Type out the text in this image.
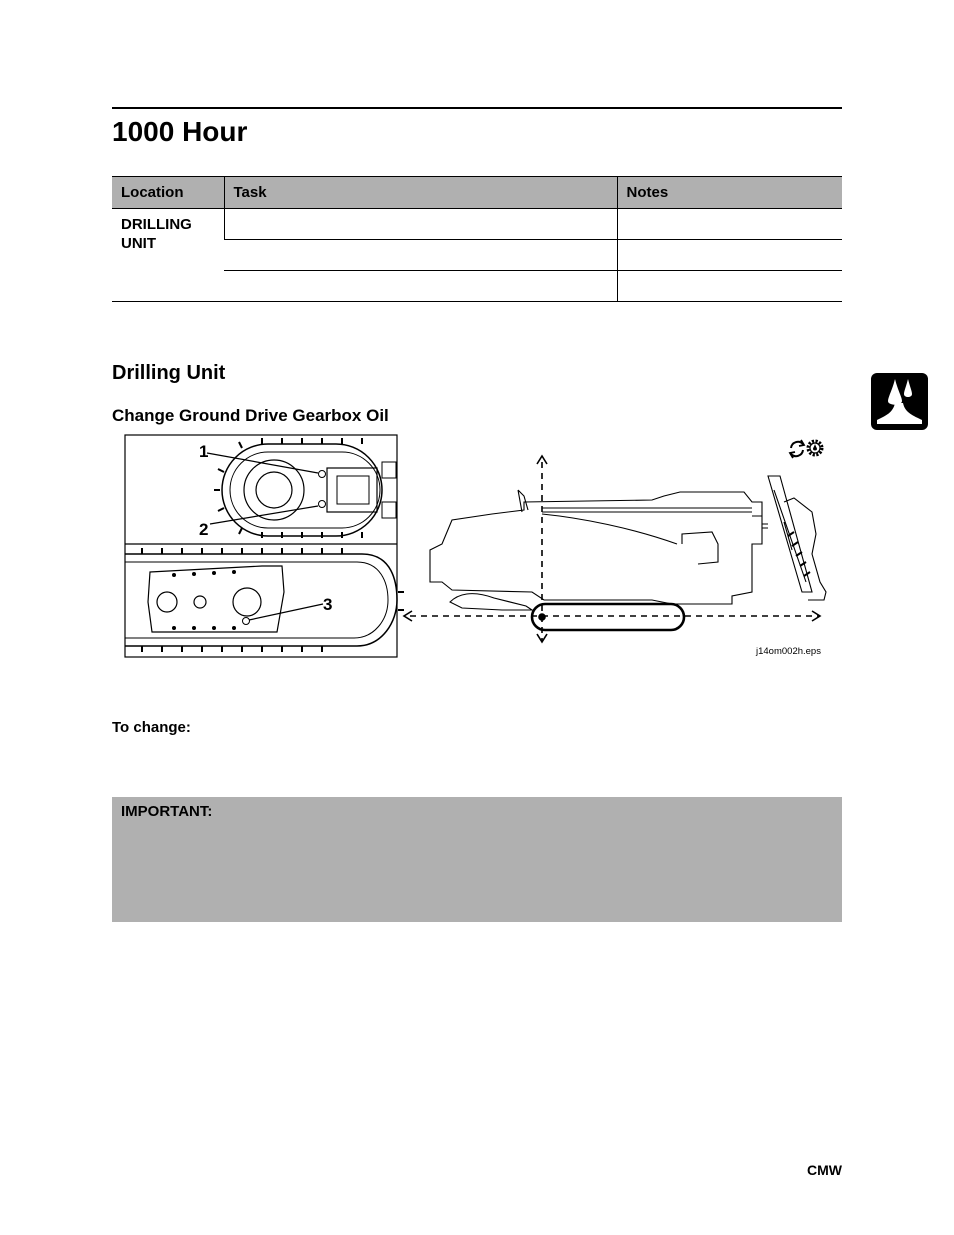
1000 Hour
Location	Task	Notes
DRILLING UNIT		

Drilling Unit
Change Ground Drive Gearbox Oil
1
2
3
j14om002h.eps
To change:
IMPORTANT:
CMW
